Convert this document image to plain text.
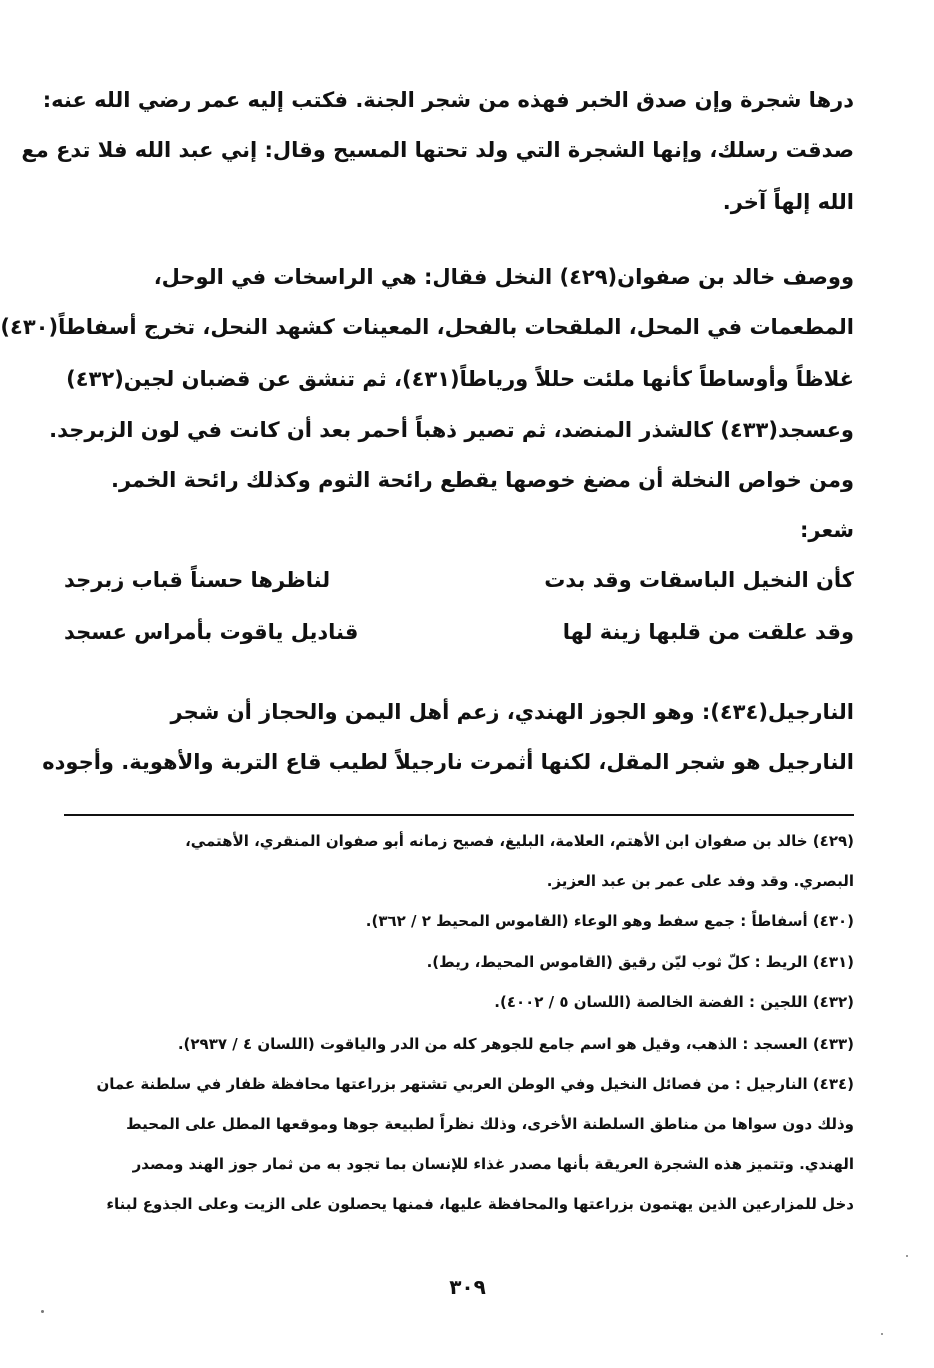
درها شجرة وإن صدق الخبر فهذه من شجر الجنة. فكتب إليه عمر رضي الله عنه:
صدقت رسلك، وإنها الشجرة التي ولد تحتها المسيح وقال: إني عبد الله فلا تدع مع
الله إلهاً آخر.
ووصف خالد بن صفوان(٤٢٩) النخل فقال: هي الراسخات في الوحل،
المطعمات في المحل، الملقحات بالفحل، المعينات كشهد النحل، تخرج أسفاطاً(٤٣٠)
غلاظاً وأوساطاً كأنها ملئت حللاً ورياطاً(٤٣١)، ثم تنشق عن قضبان لجين(٤٣٢)
وعسجد(٤٣٣) كالشذر المنضد، ثم تصير ذهباً أحمر بعد أن كانت في لون الزبرجد.
ومن خواص النخلة أن مضغ خوصها يقطع رائحة الثوم وكذلك رائحة الخمر.
شعر:
كأن النخيل الباسقات وقد بدت
لناظرها حسناً قباب زبرجد
وقد علقت من قلبها زينة لها
قناديل ياقوت بأمراس عسجد
النارجيل(٤٣٤): وهو الجوز الهندي، زعم أهل اليمن والحجاز أن شجر
النارجيل هو شجر المقل، لكنها أثمرت نارجيلاً لطيب قاع التربة والأهوية. وأجوده
(٤٢٩) خالد بن صفوان ابن الأهتم، العلامة، البليغ، فصيح زمانه أبو صفوان المنقري، الأهتمي،
البصري. وقد وفد على عمر بن عبد العزيز.
(٤٣٠) أسفاطاً : جمع سفط وهو الوعاء (القاموس المحيط ٢ / ٣٦٢).
(٤٣١) الريط : كلّ ثوب ليّن رقيق (القاموس المحيط، ريط).
(٤٣٢) اللجين : الفضة الخالصة (اللسان ٥ / ٤٠٠٢).
(٤٣٣) العسجد : الذهب، وقيل هو اسم جامع للجوهر كله من الدر والياقوت (اللسان ٤ / ٢٩٣٧).
(٤٣٤) النارجيل : من فصائل النخيل وفي الوطن العربي تشتهر بزراعتها محافظة ظفار في سلطنة عمان
وذلك دون سواها من مناطق السلطنة الأخرى، وذلك نظراً لطبيعة جوها وموقعها المطل على المحيط
الهندي. وتتميز هذه الشجرة العريقة بأنها مصدر غذاء للإنسان بما تجود به من ثمار جوز الهند ومصدر
دخل للمزارعين الذين يهتمون بزراعتها والمحافظة عليها، فمنها يحصلون على الزيت وعلى الجذوع لبناء
٣٠٩
